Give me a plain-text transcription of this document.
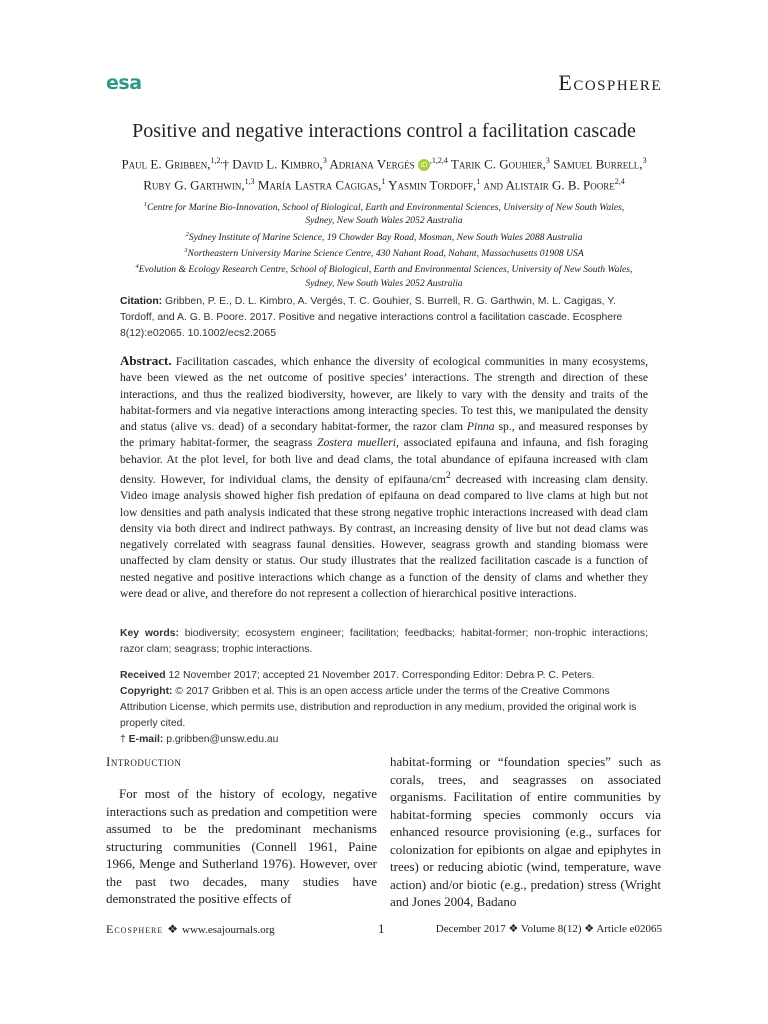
esa	Ecosphere
Positive and negative interactions control a facilitation cascade
Paul E. Gribben,$^{1,2,}$† David L. Kimbro,$^3$ Adriana Vergés $iD^{,1,2,4}$ Tarik C. Gouhier,$^3$ Samuel Burrell,$^3$
Ruby G. Garthwin,$^{1,3}$ María Lastra Cagigas,$^1$ Yasmin Tordoff,$^1$ and Alistair G. B. Poore$^{2,4}$
$^1$Centre for Marine Bio-Innovation, School of Biological, Earth and Environmental Sciences, University of New South Wales,
Sydney, New South Wales 2052 Australia
$^2$Sydney Institute of Marine Science, 19 Chowder Bay Road, Mosman, New South Wales 2088 Australia
$^3$Northeastern University Marine Science Centre, 430 Nahant Road, Nahant, Massachusetts 01908 USA
$^4$Evolution & Ecology Research Centre, School of Biological, Earth and Environmental Sciences, University of New South Wales,
Sydney, New South Wales 2052 Australia
Citation: Gribben, P. E., D. L. Kimbro, A. Vergés, T. C. Gouhier, S. Burrell, R. G. Garthwin, M. L. Cagigas, Y. Tordoff, and A. G. B. Poore. 2017. Positive and negative interactions control a facilitation cascade. Ecosphere 8(12):e02065. 10.1002/ecs2.2065
Abstract. Facilitation cascades, which enhance the diversity of ecological communities in many ecosystems, have been viewed as the net outcome of positive species’ interactions. The strength and direction of these interactions, and thus the realized biodiversity, however, are likely to vary with the density and traits of the habitat-formers and via negative interactions among interacting species. To test this, we manipulated the density and status (alive vs. dead) of a secondary habitat-former, the razor clam Pinna sp., and measured responses by the primary habitat-former, the seagrass Zostera muelleri, associated epifauna and infauna, and fish foraging behavior. At the plot level, for both live and dead clams, the total abundance of epifauna increased with clam density. However, for individual clams, the density of epifauna/$cm^2$ decreased with increasing clam density. Video image analysis showed higher fish predation of epifauna on dead compared to live clams at high but not low densities and path analysis indicated that these strong negative trophic interactions increased with dead clam density via both direct and indirect pathways. By contrast, an increasing density of live but not dead clams was negatively correlated with seagrass faunal densities. However, seagrass growth and standing biomass were unaffected by clam density or status. Our study illustrates that the realized facilitation cascade is a function of nested negative and positive interactions which change as a function of the density of clams and whether they were dead or alive, and therefore do not represent a collection of hierarchical positive interactions.
Key words: biodiversity; ecosystem engineer; facilitation; feedbacks; habitat-former; non-trophic interactions; razor clam; seagrass; trophic interactions.

Received 12 November 2017; accepted 21 November 2017. Corresponding Editor: Debra P. C. Peters.

Copyright: © 2017 Gribben et al. This is an open access article under the terms of the Creative Commons Attribution License, which permits use, distribution and reproduction in any medium, provided the original work is properly cited.

† E-mail: p.gribben@unsw.edu.au

Introduction
For most of the history of ecology, negative interactions such as predation and competition were assumed to be the predominant mechanisms structuring communities (Connell 1961, Paine 1966, Menge and Sutherland 1976). However, over the past two decades, many studies have demonstrated the positive effects of
habitat-forming or “foundation species” such as corals, trees, and seagrasses on associated organisms. Facilitation of entire communities by habitat-forming species commonly occurs via enhanced resource provisioning (e.g., surfaces for colonization for epibionts on algae and epiphytes in trees) or reducing abiotic (wind, temperature, wave action) and/or biotic (e.g., predation) stress (Wright and Jones 2004, Badano
Ecosphere ❖ www.esajournals.org	1	December 2017 ❖ Volume 8(12) ❖ Article e02065
